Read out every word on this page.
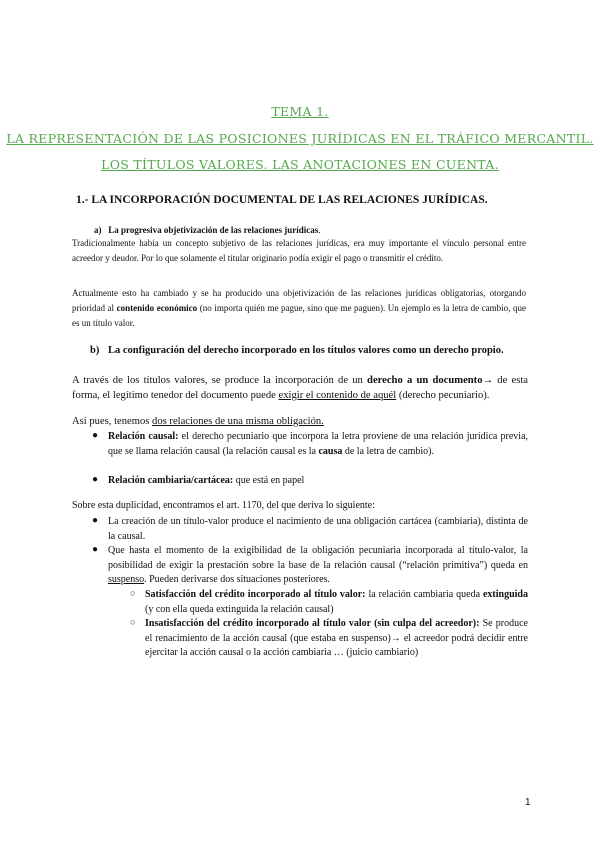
TEMA 1.
LA REPRESENTACIÓN DE LAS POSICIONES JURÍDICAS EN EL TRÁFICO MERCANTIL.
LOS TÍTULOS VALORES. LAS ANOTACIONES EN CUENTA.
1.- LA INCORPORACIÓN DOCUMENTAL DE LAS RELACIONES JURÍDICAS.
a) La progresiva objetivización de las relaciones jurídicas.
Tradicionalmente había un concepto subjetivo de las relaciones jurídicas, era muy importante el vínculo personal entre acreedor y deudor. Por lo que solamente el titular originario podía exigir el pago o transmitir el crédito.
Actualmente esto ha cambiado y se ha producido una objetivización de las relaciones jurídicas obligatorias, otorgando prioridad al contenido económico (no importa quién me pague, sino que me paguen). Un ejemplo es la letra de cambio, que es un título valor.
b) La configuración del derecho incorporado en los títulos valores como un derecho propio.
A través de los títulos valores, se produce la incorporación de un derecho a un documento→ de esta forma, el legítimo tenedor del documento puede exigir el contenido de aquél (derecho pecuniario).
Así pues, tenemos dos relaciones de una misma obligación.
● Relación causal: el derecho pecuniario que incorpora la letra proviene de una relación jurídica previa, que se llama relación causal (la relación causal es la causa de la letra de cambio).
● Relación cambiaria/cartácea: que está en papel
Sobre esta duplicidad, encontramos el art. 1170, del que deriva lo siguiente:
● La creación de un título-valor produce el nacimiento de una obligación cartácea (cambiaria), distinta de la causal.
● Que hasta el momento de la exigibilidad de la obligación pecuniaria incorporada al título-valor, la posibilidad de exigir la prestación sobre la base de la relación causal (“relación primitiva”) queda en suspenso. Pueden derivarse dos situaciones posteriores.
○ Satisfacción del crédito incorporado al título valor: la relación cambiaria queda extinguida (y con ella queda extinguida la relación causal)
○ Insatisfacción del crédito incorporado al título valor (sin culpa del acreedor): Se produce el renacimiento de la acción causal (que estaba en suspenso)→ el acreedor podrá decidir entre ejercitar la acción causal o la acción cambiaria … (juicio cambiario)
1
